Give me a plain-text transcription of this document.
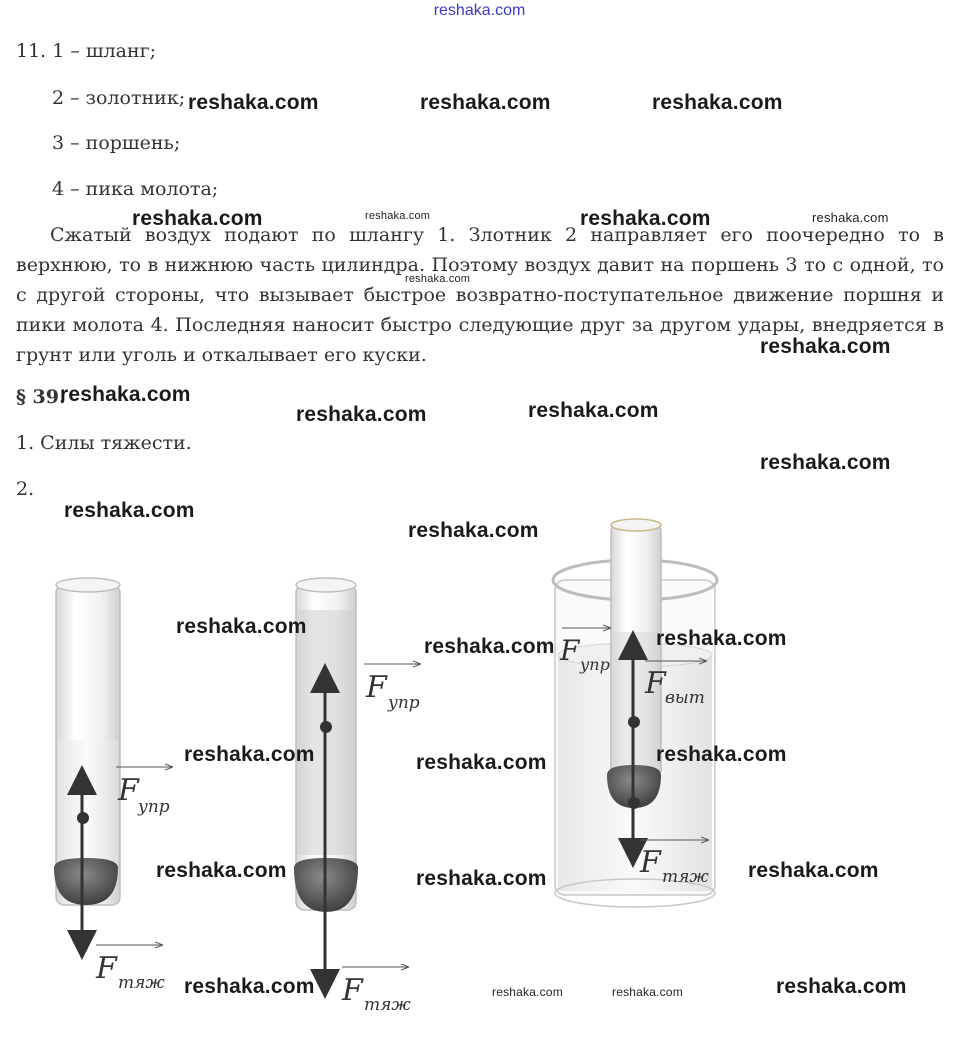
reshaka.com
11. 1 – шланг;
2 – золотник;
3 – поршень;
4 – пика молота;
Сжатый воздух подают по шлангу 1. Злотник 2 направляет его поочередно то в верхнюю, то в нижнюю часть цилиндра. Поэтому воздух давит на поршень 3 то с одной, то с другой стороны, что вызывает быстрое возвратно-поступательное движение поршня и пики молота 4. Последняя наносит быстро следующие друг за другом удары, внедряется в грунт или уголь и откалывает его куски.
§ 39.
1. Силы тяжести.
2.
F упр
F тяж
F упр
F тяж
F упр
F выт
F тяж
reshaka.com	reshaka.com	reshaka.com
reshaka.com	reshaka.com	reshaka.com	reshaka.com
reshaka.com
reshaka.com
reshaka.com
reshaka.com	reshaka.com
reshaka.com
reshaka.com
reshaka.com
reshaka.com
reshaka.com	reshaka.com
reshaka.com	reshaka.com	reshaka.com
reshaka.com	reshaka.com	reshaka.com
reshaka.com	reshaka.com	reshaka.com	reshaka.com
